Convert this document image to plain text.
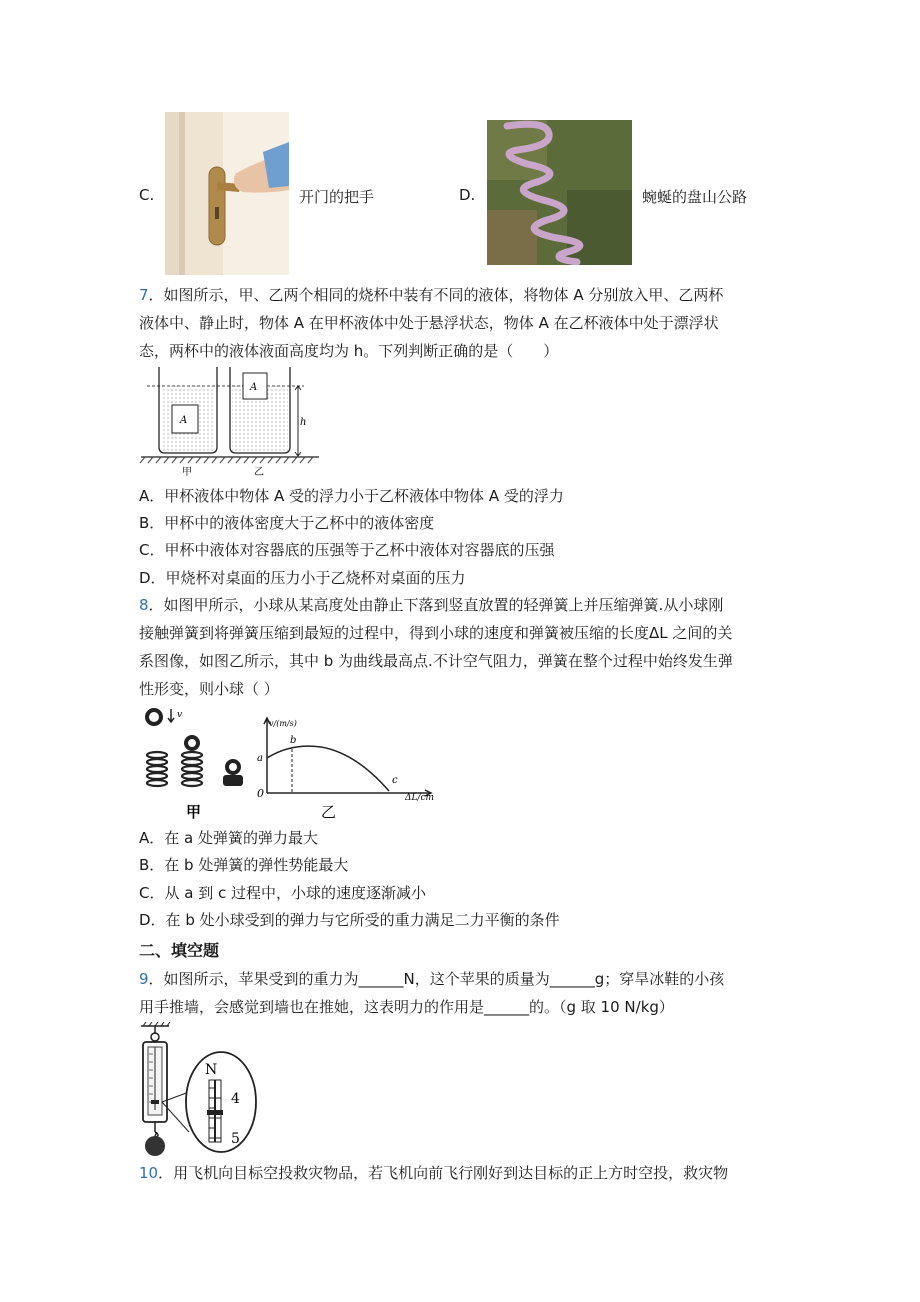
C.	开门的把手	D.	蜿蜒的盘山公路
7．如图所示，甲、乙两个相同的烧杯中装有不同的液体，将物体 A 分别放入甲、乙两杯
液体中、静止时，物体 A 在甲杯液体中处于悬浮状态，物体 A 在乙杯液体中处于漂浮状
态，两杯中的液体液面高度均为 h。下列判断正确的是（　　）
A
A
h
甲	乙
A．甲杯液体中物体 A 受的浮力小于乙杯液体中物体 A 受的浮力
B．甲杯中的液体密度大于乙杯中的液体密度
C．甲杯中液体对容器底的压强等于乙杯中液体对容器底的压强
D．甲烧杯对桌面的压力小于乙烧杯对桌面的压力
8．如图甲所示，小球从某高度处由静止下落到竖直放置的轻弹簧上并压缩弹簧.从小球刚
接触弹簧到将弹簧压缩到最短的过程中，得到小球的速度和弹簧被压缩的长度ΔL 之间的关
系图像，如图乙所示，其中 b 为曲线最高点.不计空气阻力，弹簧在整个过程中始终发生弹
性形变，则小球（ ）
v
甲
v/(m/s)
a
b
c
0	ΔL/cm
乙
A．在 a 处弹簧的弹力最大
B．在 b 处弹簧的弹性势能最大
C．从 a 到 c 过程中，小球的速度逐渐减小
D．在 b 处小球受到的弹力与它所受的重力满足二力平衡的条件
二、填空题
9．如图所示，苹果受到的重力为______N，这个苹果的质量为______g；穿旱冰鞋的小孩
用手推墙，会感觉到墙也在推她，这表明力的作用是______的。（g 取 10 N/kg）
N
4
5
10．用飞机向目标空投救灾物品，若飞机向前飞行刚好到达目标的正上方时空投，救灾物
